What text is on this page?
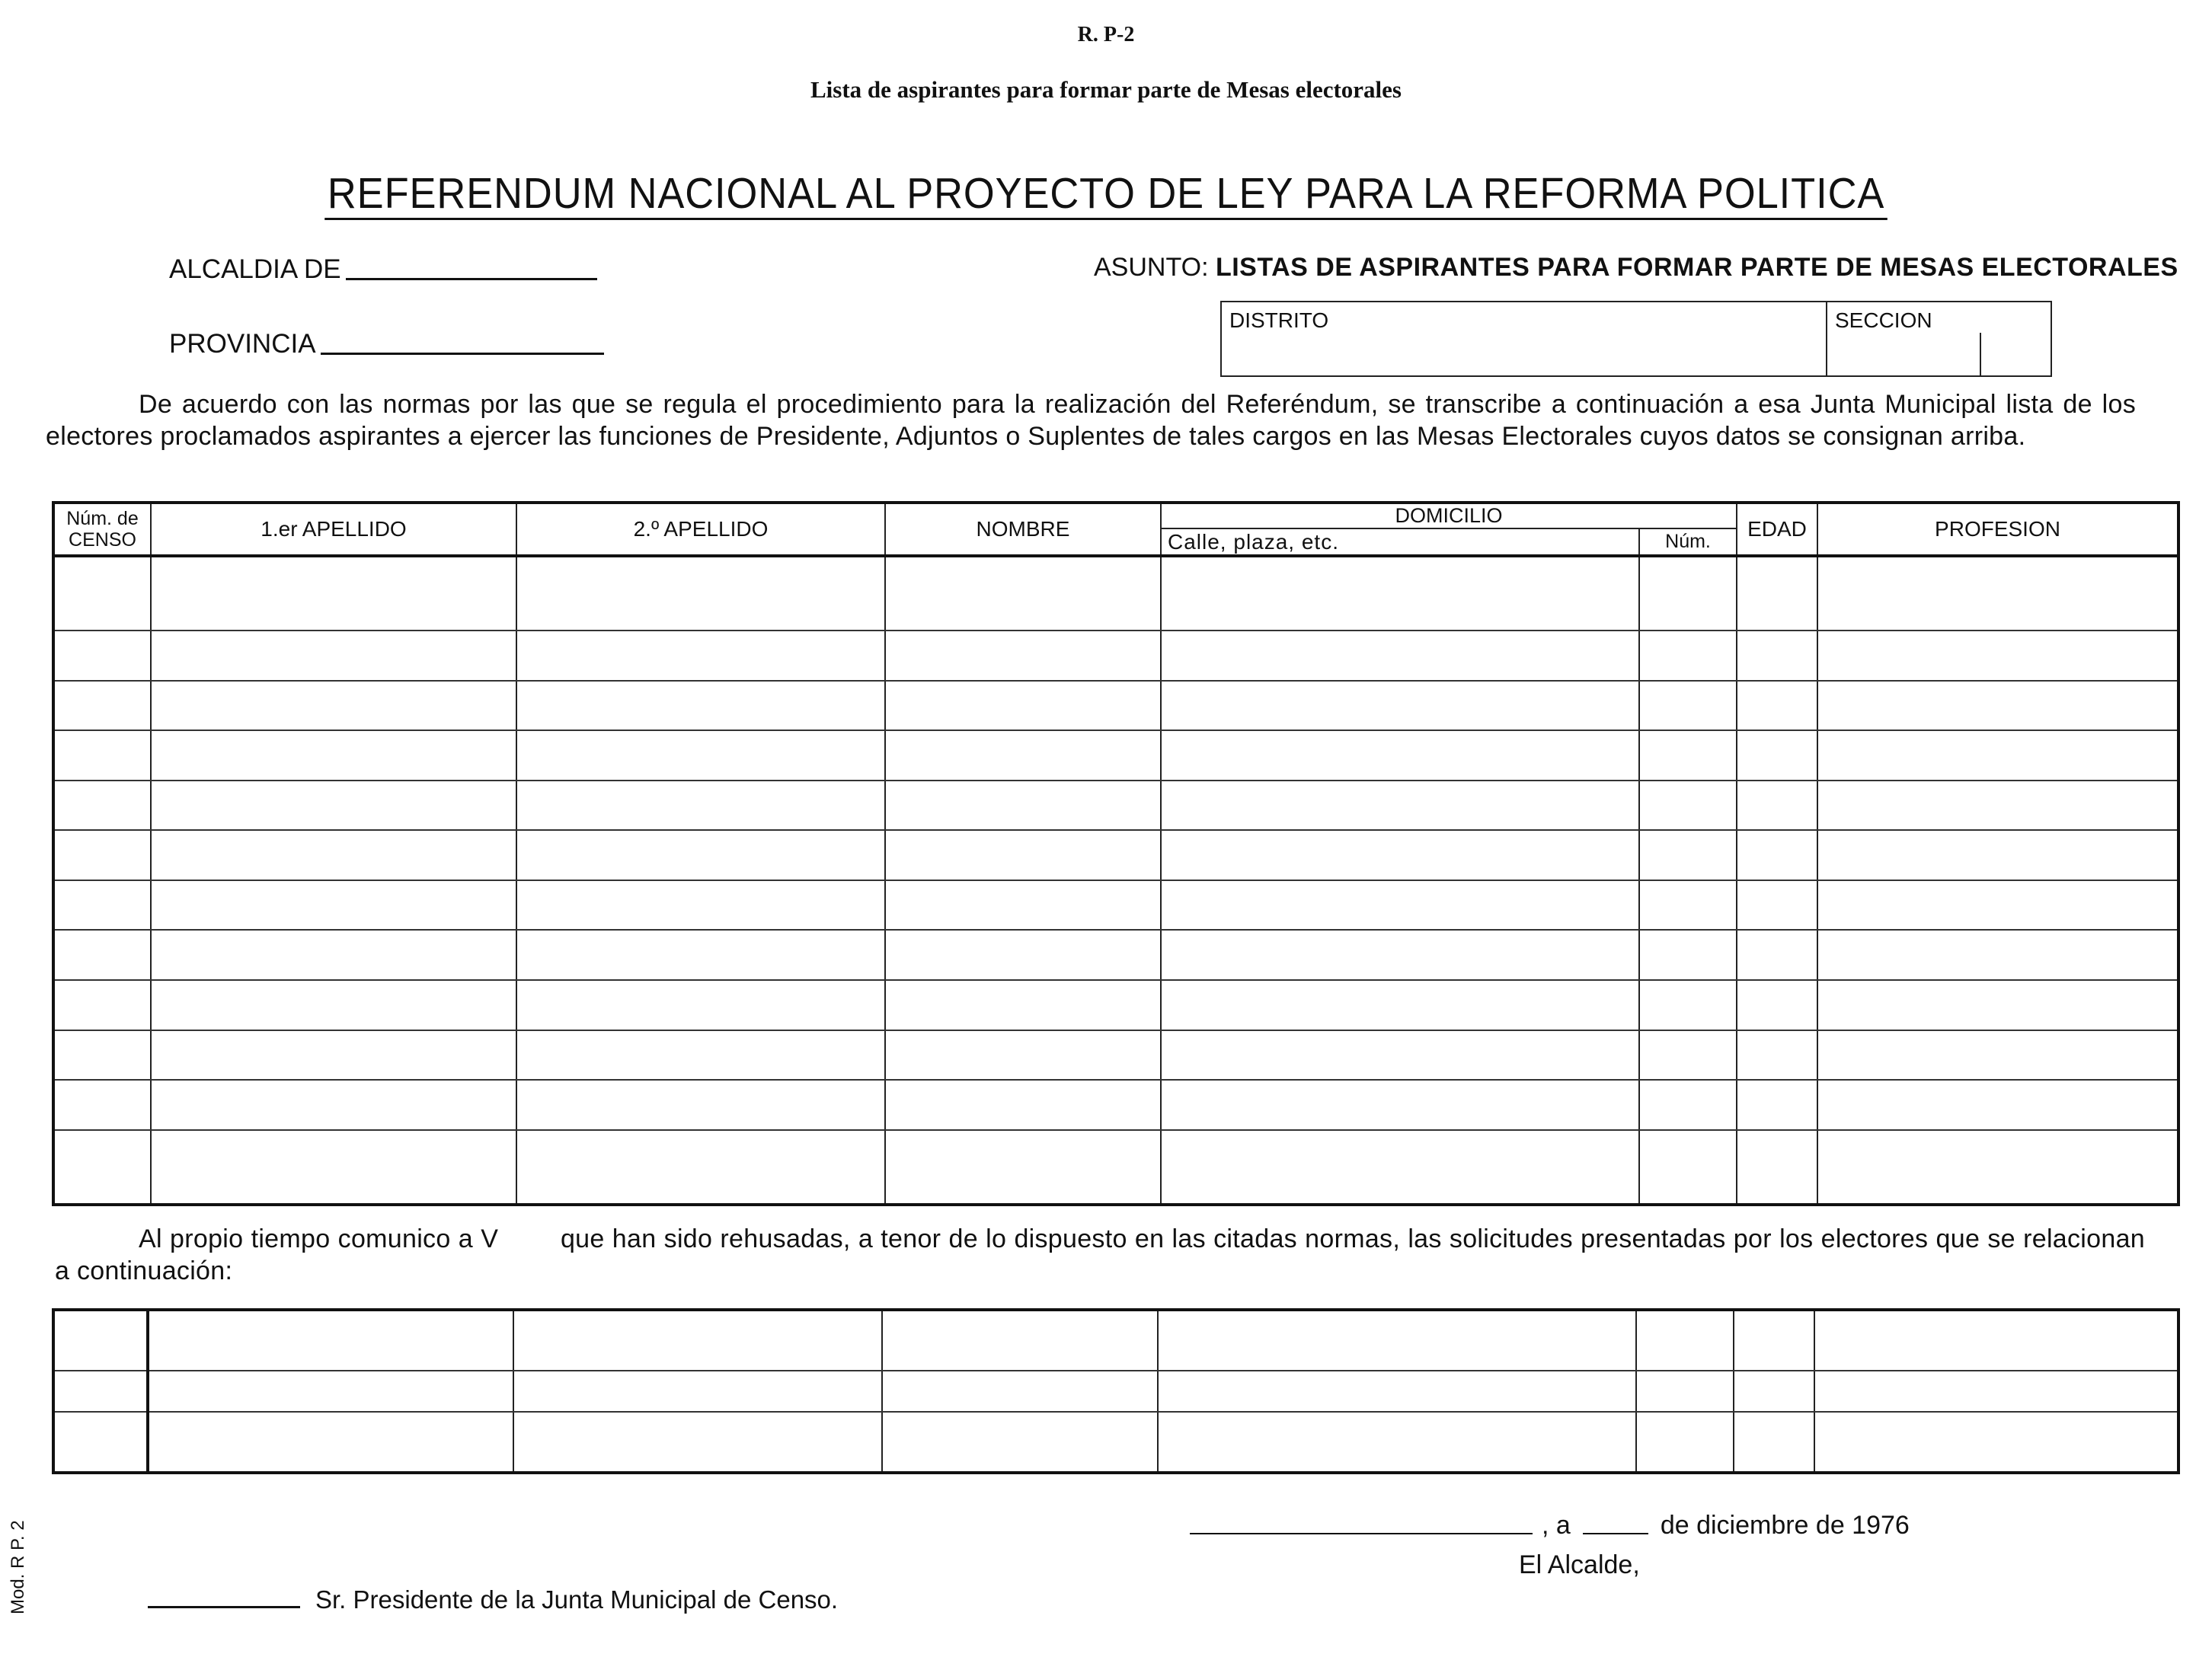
R. P-2
Lista de aspirantes para formar parte de Mesas electorales
REFERENDUM NACIONAL AL PROYECTO DE LEY PARA LA REFORMA POLITICA
ALCALDIA DE
PROVINCIA
ASUNTO: LISTAS DE ASPIRANTES PARA FORMAR PARTE DE MESAS ELECTORALES
DISTRITO	SECCION
De acuerdo con las normas por las que se regula el procedimiento para la realización del Referéndum, se transcribe a continuación a esa Junta Municipal lista de los electores proclamados aspirantes a ejercer las funciones de Presidente, Adjuntos o Suplentes de tales cargos en las Mesas Electorales cuyos datos se consignan arriba.
Núm. de CENSO	1.er APELLIDO	2.º APELLIDO	NOMBRE	DOMICILIO		EDAD	PROFESION
				Calle, plaza, etc.	Núm.		

Al propio tiempo comunico a V        que han sido rehusadas, a tenor de lo dispuesto en las citadas normas, las solicitudes presentadas por los electores que se relacionan a continuación:

, a	de diciembre de 1976
El Alcalde,
Sr. Presidente de la Junta Municipal de Censo.
Mod. R P. 2
